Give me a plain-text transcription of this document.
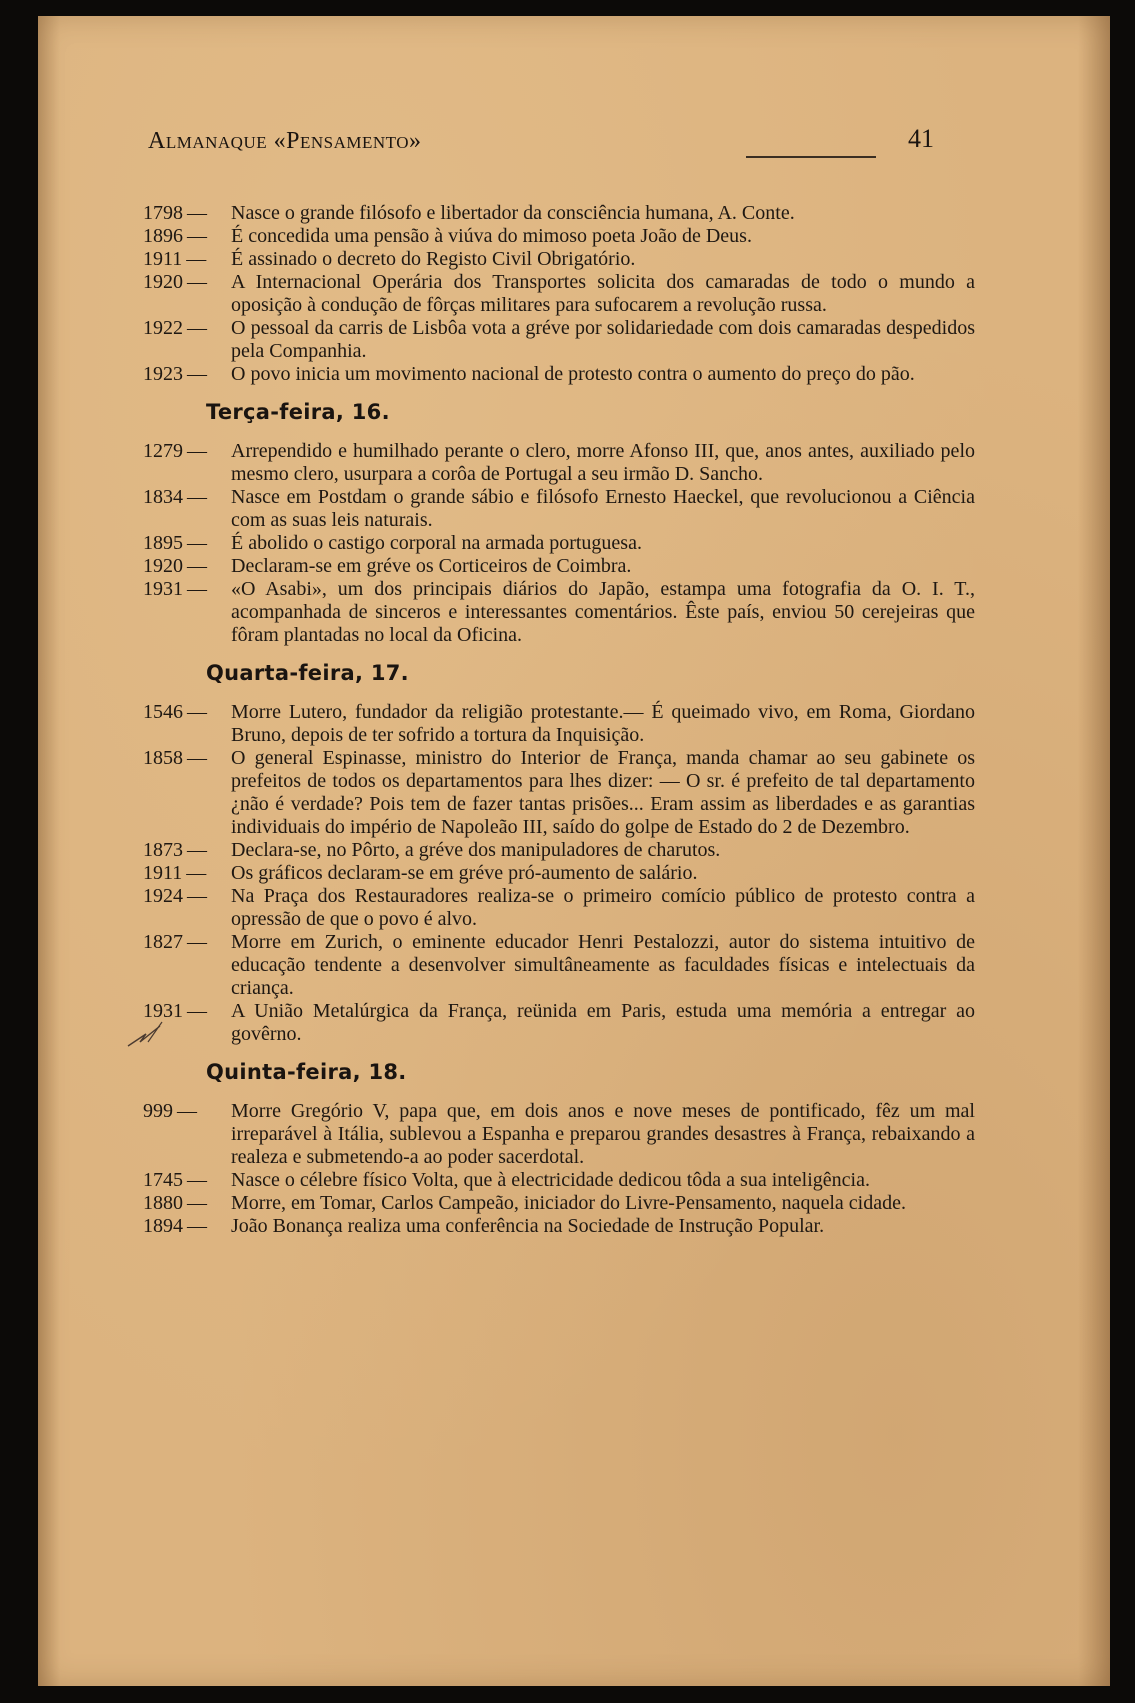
Almanaque «Pensamento»	41
1798 —	Nasce o grande filósofo e libertador da consciência humana, A. Conte.
1896 —	É concedida uma pensão à viúva do mimoso poeta João de Deus.
1911 —	É assinado o decreto do Registo Civil Obrigatório.
1920 —	A Internacional Operária dos Transportes solicita dos camaradas de todo o mundo a oposição à condução de fôrças militares para sufocarem a revolução russa.
1922 —	O pessoal da carris de Lisbôa vota a gréve por solidariedade com dois camaradas despedidos pela Companhia.
1923 —	O povo inicia um movimento nacional de protesto contra o aumento do preço do pão.
Terça-feira, 16.
1279 —	Arrependido e humilhado perante o clero, morre Afonso III, que, anos antes, auxiliado pelo mesmo clero, usurpara a corôa de Portugal a seu irmão D. Sancho.
1834 —	Nasce em Postdam o grande sábio e filósofo Ernesto Haeckel, que revolucionou a Ciência com as suas leis naturais.
1895 —	É abolido o castigo corporal na armada portuguesa.
1920 —	Declaram-se em gréve os Corticeiros de Coimbra.
1931 —	«O Asabi», um dos principais diários do Japão, estampa uma fotografia da O. I. T., acompanhada de sinceros e interessantes comentários. Êste país, enviou 50 cerejeiras que fôram plantadas no local da Oficina.
Quarta-feira, 17.
1546 —	Morre Lutero, fundador da religião protestante.— É queimado vivo, em Roma, Giordano Bruno, depois de ter sofrido a tortura da Inquisição.
1858 —	O general Espinasse, ministro do Interior de França, manda chamar ao seu gabinete os prefeitos de todos os departamentos para lhes dizer: — O sr. é prefeito de tal departamento ¿não é verdade? Pois tem de fazer tantas prisões... Eram assim as liberdades e as garantias individuais do império de Napoleão III, saído do golpe de Estado do 2 de Dezembro.
1873 —	Declara-se, no Pôrto, a gréve dos manipuladores de charutos.
1911 —	Os gráficos declaram-se em gréve pró-aumento de salário.
1924 —	Na Praça dos Restauradores realiza-se o primeiro comício público de protesto contra a opressão de que o povo é alvo.
1827 —	Morre em Zurich, o eminente educador Henri Pestalozzi, autor do sistema intuitivo de educação tendente a desenvolver simultâneamente as faculdades físicas e intelectuais da criança.
1931 —	A União Metalúrgica da França, reünida em Paris, estuda uma memória a entregar ao govêrno.
Quinta-feira, 18.
999 —	Morre Gregório V, papa que, em dois anos e nove meses de pontificado, fêz um mal irreparável à Itália, sublevou a Espanha e preparou grandes desastres à França, rebaixando a realeza e submetendo-a ao poder sacerdotal.
1745 —	Nasce o célebre físico Volta, que à electricidade dedicou tôda a sua inteligência.
1880 —	Morre, em Tomar, Carlos Campeão, iniciador do Livre-Pensamento, naquela cidade.
1894 —	João Bonança realiza uma conferência na Sociedade de Instrução Popular.
